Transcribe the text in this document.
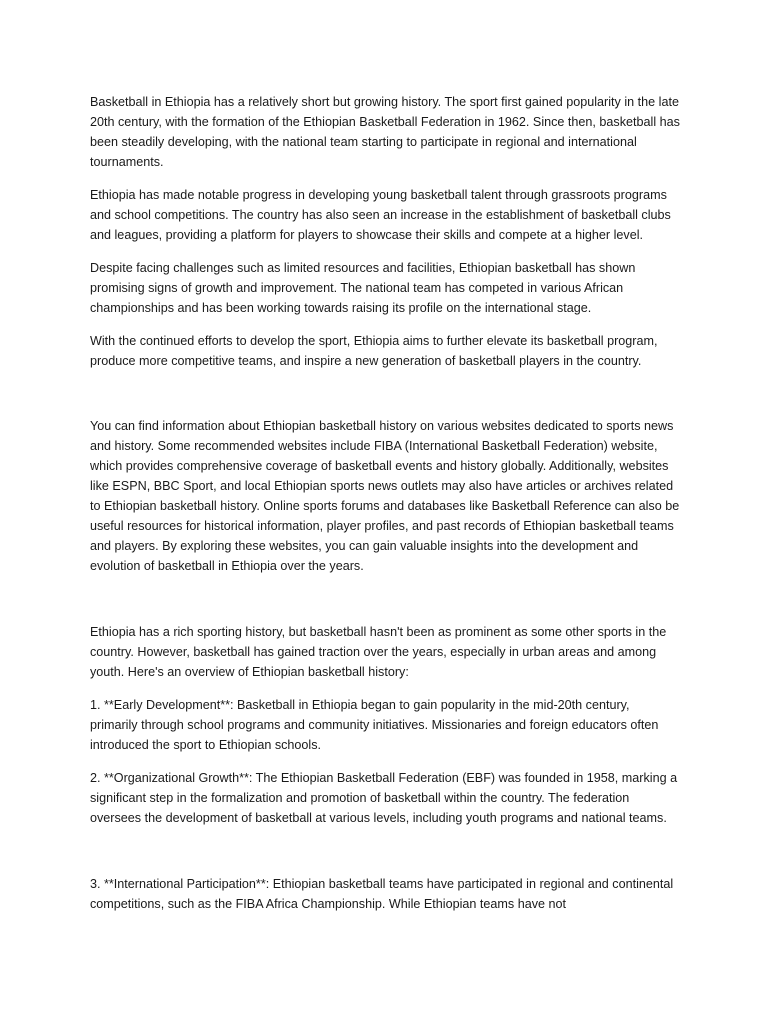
Basketball in Ethiopia has a relatively short but growing history. The sport first gained popularity in the late 20th century, with the formation of the Ethiopian Basketball Federation in 1962. Since then, basketball has been steadily developing, with the national team starting to participate in regional and international tournaments.

Ethiopia has made notable progress in developing young basketball talent through grassroots programs and school competitions. The country has also seen an increase in the establishment of basketball clubs and leagues, providing a platform for players to showcase their skills and compete at a higher level.

Despite facing challenges such as limited resources and facilities, Ethiopian basketball has shown promising signs of growth and improvement. The national team has competed in various African championships and has been working towards raising its profile on the international stage.

With the continued efforts to develop the sport, Ethiopia aims to further elevate its basketball program, produce more competitive teams, and inspire a new generation of basketball players in the country.

You can find information about Ethiopian basketball history on various websites dedicated to sports news and history. Some recommended websites include FIBA (International Basketball Federation) website, which provides comprehensive coverage of basketball events and history globally. Additionally, websites like ESPN, BBC Sport, and local Ethiopian sports news outlets may also have articles or archives related to Ethiopian basketball history. Online sports forums and databases like Basketball Reference can also be useful resources for historical information, player profiles, and past records of Ethiopian basketball teams and players. By exploring these websites, you can gain valuable insights into the development and evolution of basketball in Ethiopia over the years.

Ethiopia has a rich sporting history, but basketball hasn't been as prominent as some other sports in the country. However, basketball has gained traction over the years, especially in urban areas and among youth. Here's an overview of Ethiopian basketball history:

1. **Early Development**: Basketball in Ethiopia began to gain popularity in the mid-20th century, primarily through school programs and community initiatives. Missionaries and foreign educators often introduced the sport to Ethiopian schools.

2. **Organizational Growth**: The Ethiopian Basketball Federation (EBF) was founded in 1958, marking a significant step in the formalization and promotion of basketball within the country. The federation oversees the development of basketball at various levels, including youth programs and national teams.

3. **International Participation**: Ethiopian basketball teams have participated in regional and continental competitions, such as the FIBA Africa Championship. While Ethiopian teams have not
